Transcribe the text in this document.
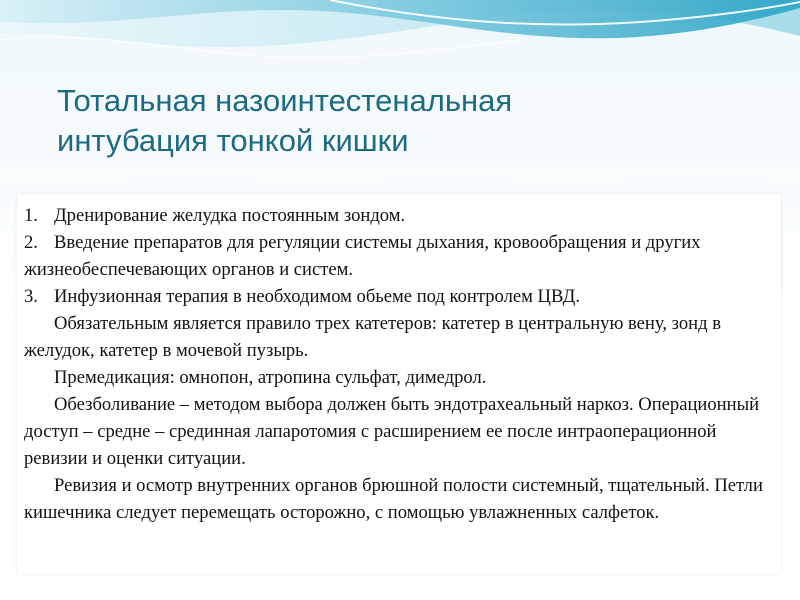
Тотальная назоинтестенальная
интубация тонкой кишки

1. Дренирование желудка постоянным зондом.

2. Введение препаратов для регуляции системы дыхания, кровообращения и других жизнеобеспечевающих органов и систем.

3. Инфузионная терапия в необходимом обьеме под контролем ЦВД.

Обязательным является правило трех катетеров: катетер в центральную вену, зонд в желудок, катетер в мочевой пузырь.

Премедикация: омнопон, атропина сульфат, димедрол.

Обезболивание – методом выбора должен быть эндотрахеальный наркоз. Операционный доступ – средне – срединная лапаротомия с расширением ее после интраоперационной ревизии и оценки ситуации.

Ревизия и осмотр внутренних органов брюшной полости системный, тщательный. Петли кишечника следует перемещать осторожно, с помощью увлажненных салфеток.
